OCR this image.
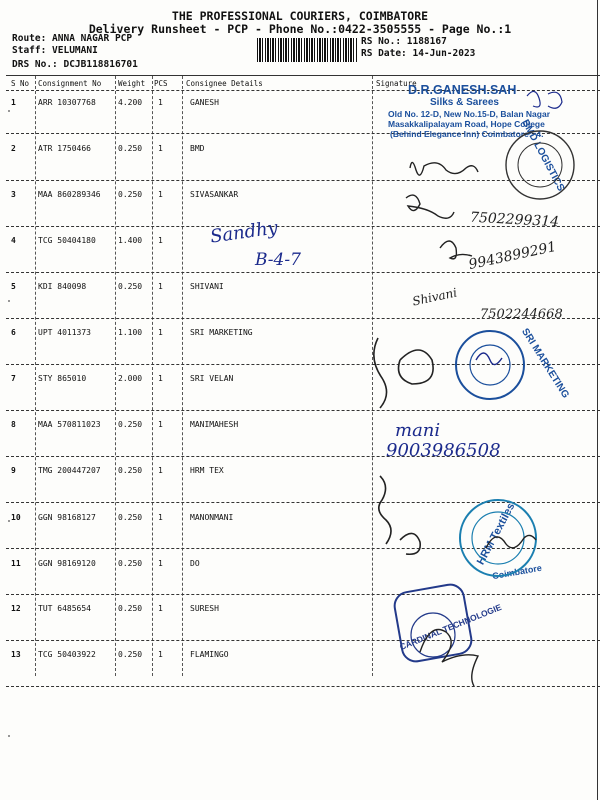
THE PROFESSIONAL COURIERS, COIMBATORE
Delivery Runsheet - PCP - Phone No.:0422-3505555 - Page No.:1
Route: ANNA NAGAR PCP
Staff: VELUMANI
DRS No.: DCJB118816701
RS No.: 1188167
RS Date: 14-Jun-2023
S No Consignment No Weight PCS Consignee Details	Signature
1	ARR 10307768	4.200 1	GANESH
2	ATR 1750466	0.250 1	BMD
3	MAA 860289346 0.250 1	SIVASANKAR
4	TCG 50404180	1.400 1
5	KDI 840098	0.250 1	SHIVANI
6	UPT 4011373	1.100 1	SRI MARKETING
7	STY 865010	2.000 1	SRI VELAN
8	MAA 570811023 0.250 1	MANIMAHESH
9	TMG 200447207 0.250 1	HRM TEX
10 GGN 98168127	0.250 1	MANONMANI
11 GGN 98169120	0.250 1	DO
12 TUT 6485654	0.250 1	SURESH
13 TCG 50403922	0.250 1	FLAMINGO
D.R.GANESH.SAH
Silks & Sarees
Old No. 12-D, New No.15-D, Balan Nagar
Masakkalipalayam Road, Hope College
(Behind Elegance Inn) Coimbatore - 4.
Sandhy
B-4-7
7502299314
9943899291
Shivani
7502244668
mani
9003986508
BMD LOGISTICS
SRI MARKETING
HRM Textiles
Coimbatore
CARDINAL TECHNOLOGIE
